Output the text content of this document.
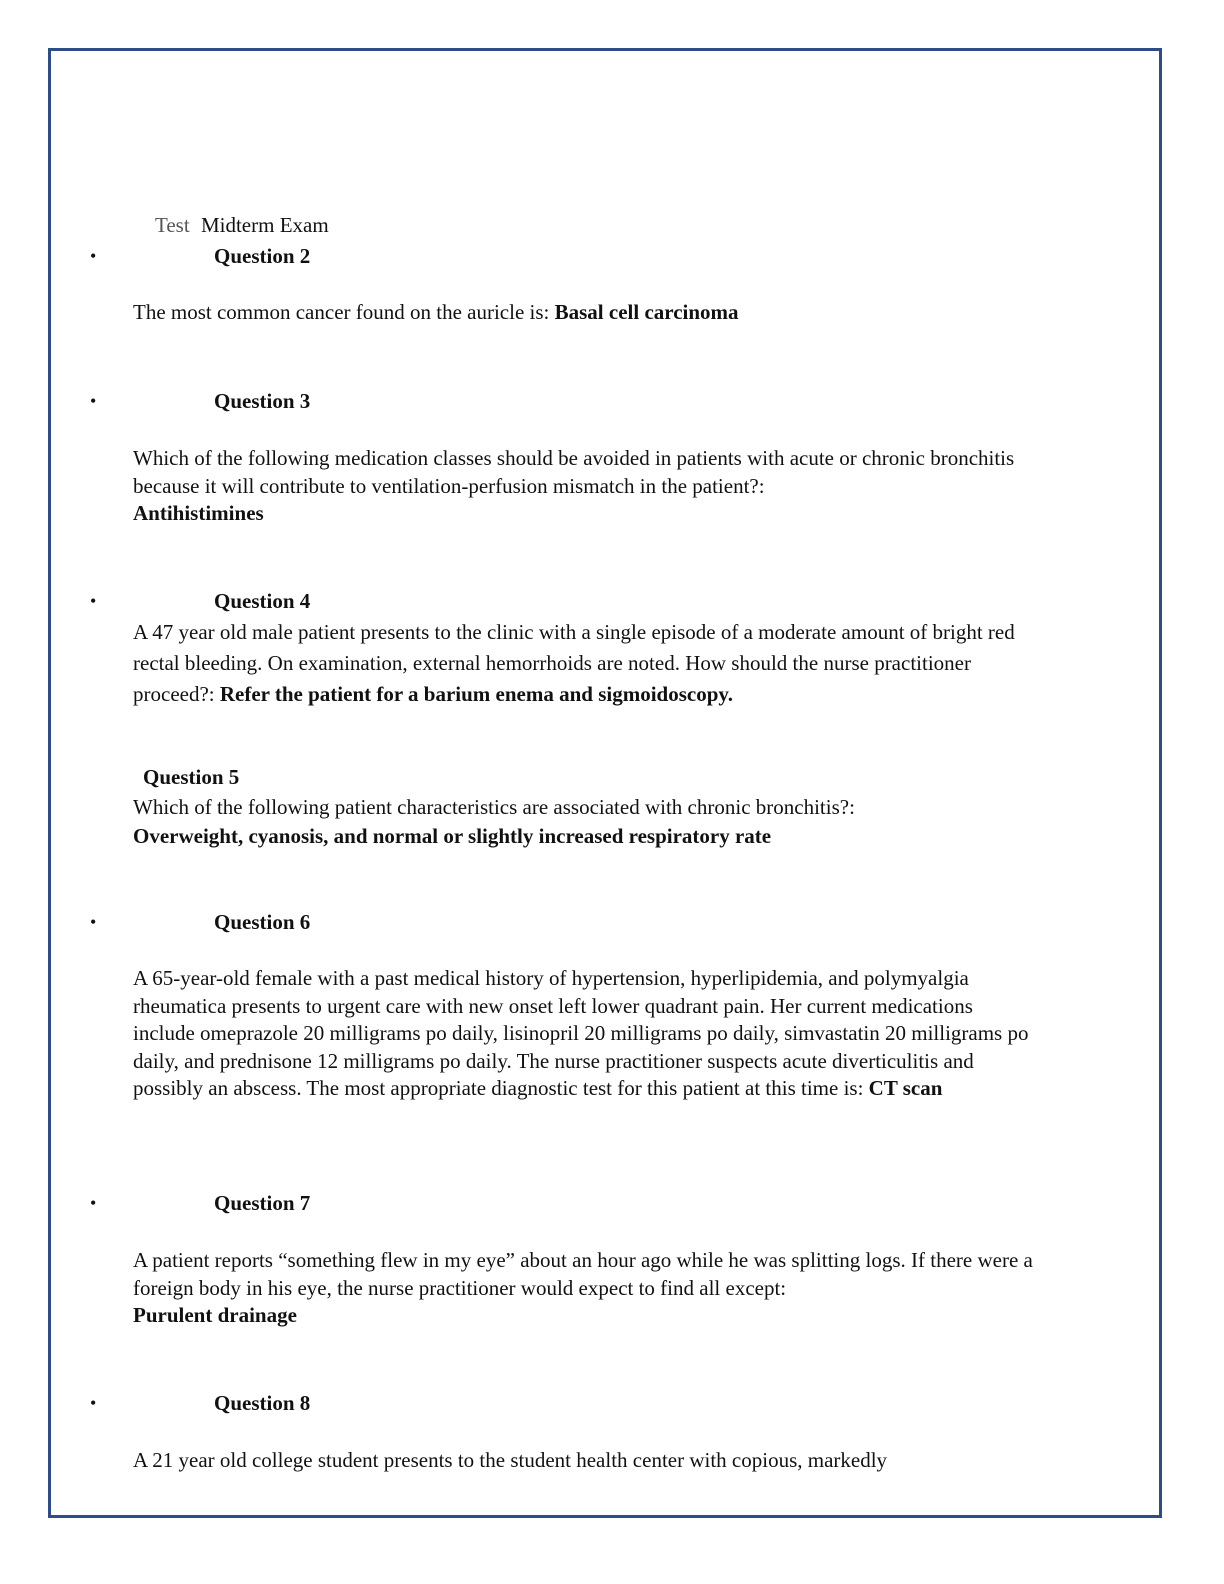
Test Midterm Exam
•	Question 2
The most common cancer found on the auricle is: Basal cell carcinoma
•	Question 3
Which of the following medication classes should be avoided in patients with acute or chronic bronchitis because it will contribute to ventilation-perfusion mismatch in the patient?:
Antihistimines
•	Question 4
A 47 year old male patient presents to the clinic with a single episode of a moderate amount of bright red rectal bleeding. On examination, external hemorrhoids are noted. How should the nurse practitioner proceed?: Refer the patient for a barium enema and sigmoidoscopy.
Question 5
Which of the following patient characteristics are associated with chronic bronchitis?:
Overweight, cyanosis, and normal or slightly increased respiratory rate
•	Question 6
A 65-year-old female with a past medical history of hypertension, hyperlipidemia, and polymyalgia rheumatica presents to urgent care with new onset left lower quadrant pain. Her current medications include omeprazole 20 milligrams po daily, lisinopril 20 milligrams po daily, simvastatin 20 milligrams po daily, and prednisone 12 milligrams po daily. The nurse practitioner suspects acute diverticulitis and possibly an abscess. The most appropriate diagnostic test for this patient at this time is: CT scan
•	Question 7
A patient reports “something flew in my eye” about an hour ago while he was splitting logs. If there were a foreign body in his eye, the nurse practitioner would expect to find all except:
Purulent drainage
•	Question 8
A 21 year old college student presents to the student health center with copious, markedly
